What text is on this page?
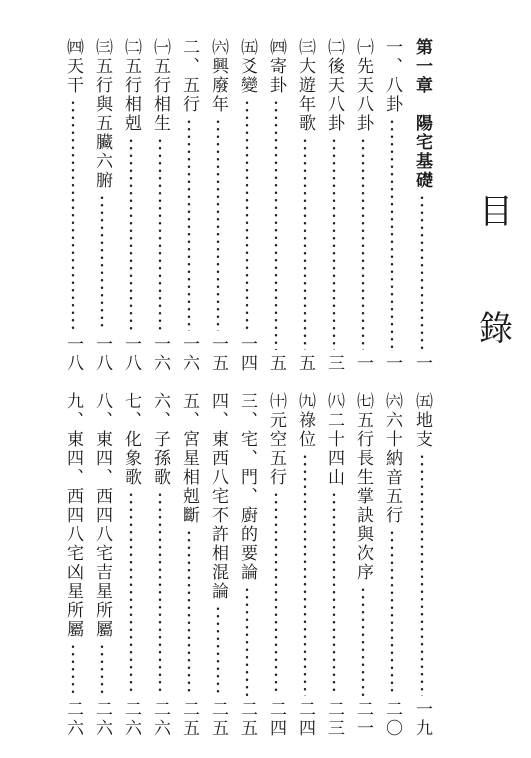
目
錄
第一章　陽宅基礎
一
一、八卦
一
㈠先天八卦
一
㈡後天八卦
三
㈢大遊年歌
五
㈣寄卦
五
㈤爻變
一四
㈥興廢年
一五
二、五行
一六
㈠五行相生
一六
㈡五行相剋
一八
㈢五行與五臟六腑
一八
㈣天干
一八
㈤地支
一九
㈥六十納音五行
二〇
㈦五行長生掌訣與次序
二一
㈧二十四山
二三
㈨祿位
二四
㈩元空五行
二四
三、宅、門、廚的要論
二五
四、東西八宅不許相混論
二五
五、宮星相剋斷
二五
六、子孫歌
二六
七、化象歌
二六
八、東四、西四八宅吉星所屬
二六
九、東四、西四八宅凶星所屬
二六
